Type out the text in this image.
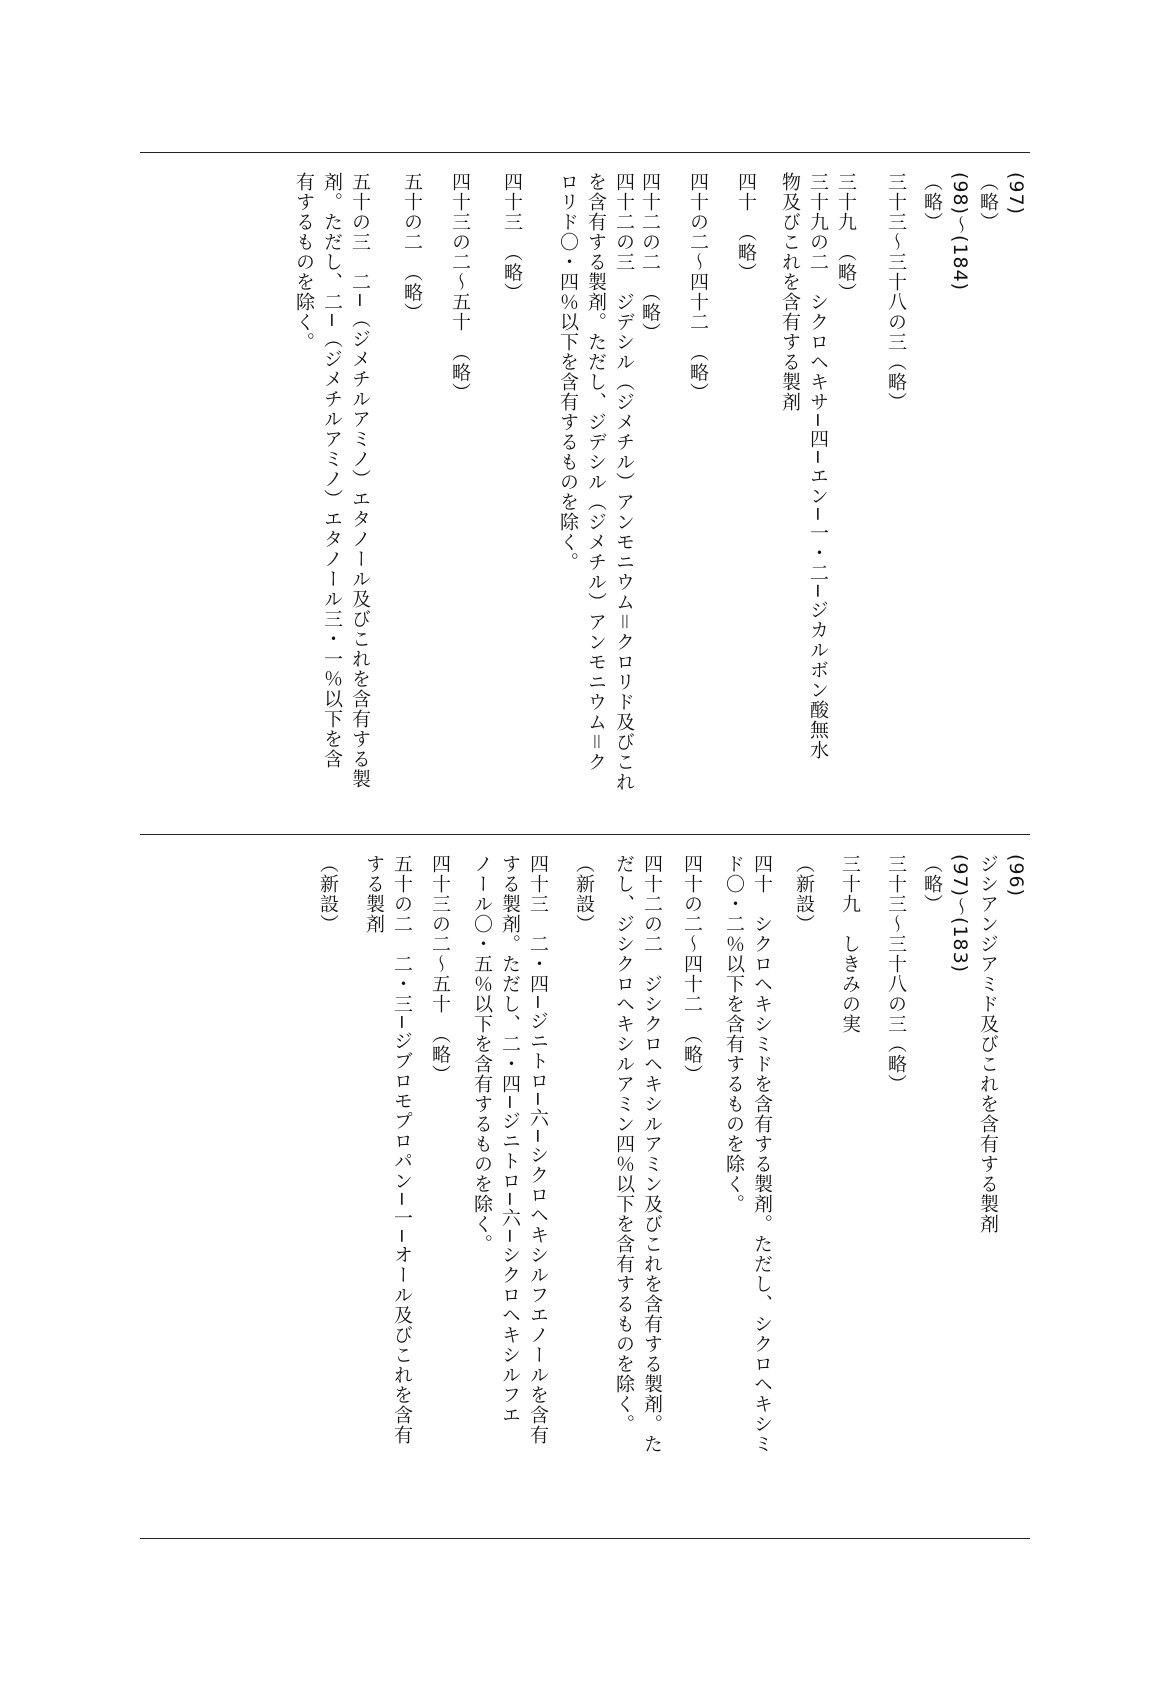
(97)
（略）
(98)〜(184)
（略）
三十三〜三十八の三（略）
三十九　（略）
三十九の二　シクロヘキサ−四−エン−一・二−ジカルボン酸無水
物及びこれを含有する製剤
四十　（略）
四十の二〜四十二　（略）
四十二の二　（略）
四十二の三　ジデシル（ジメチル）アンモニウム＝クロリド及びこれ
を含有する製剤。ただし、ジデシル（ジメチル）アンモニウム＝ク
ロリド〇・四％以下を含有するものを除く。
四十三　（略）
四十三の二〜五十　（略）
五十の二　（略）
五十の三　二−（ジメチルアミノ）エタノール及びこれを含有する製
剤。ただし、二−（ジメチルアミノ）エタノール三・一％以下を含
有するものを除く。
(96)
ジシアンジアミド及びこれを含有する製剤
(97)〜(183)
（略）
三十三〜三十八の三（略）
三十九　しきみの実
（新設）
四十　シクロヘキシミドを含有する製剤。ただし、シクロヘキシミ
ド〇・二％以下を含有するものを除く。
四十の二〜四十二　（略）
四十二の二　ジシクロヘキシルアミン及びこれを含有する製剤。た
だし、ジシクロヘキシルアミン四％以下を含有するものを除く。
（新設）
四十三　二・四−ジニトロ−六−シクロヘキシルフエノールを含有
する製剤。ただし、二・四−ジニトロ−六−シクロヘキシルフエ
ノール〇・五％以下を含有するものを除く。
四十三の二〜五十　（略）
五十の二　二・三−ジブロモプロパン−一−オール及びこれを含有
する製剤
（新設）
